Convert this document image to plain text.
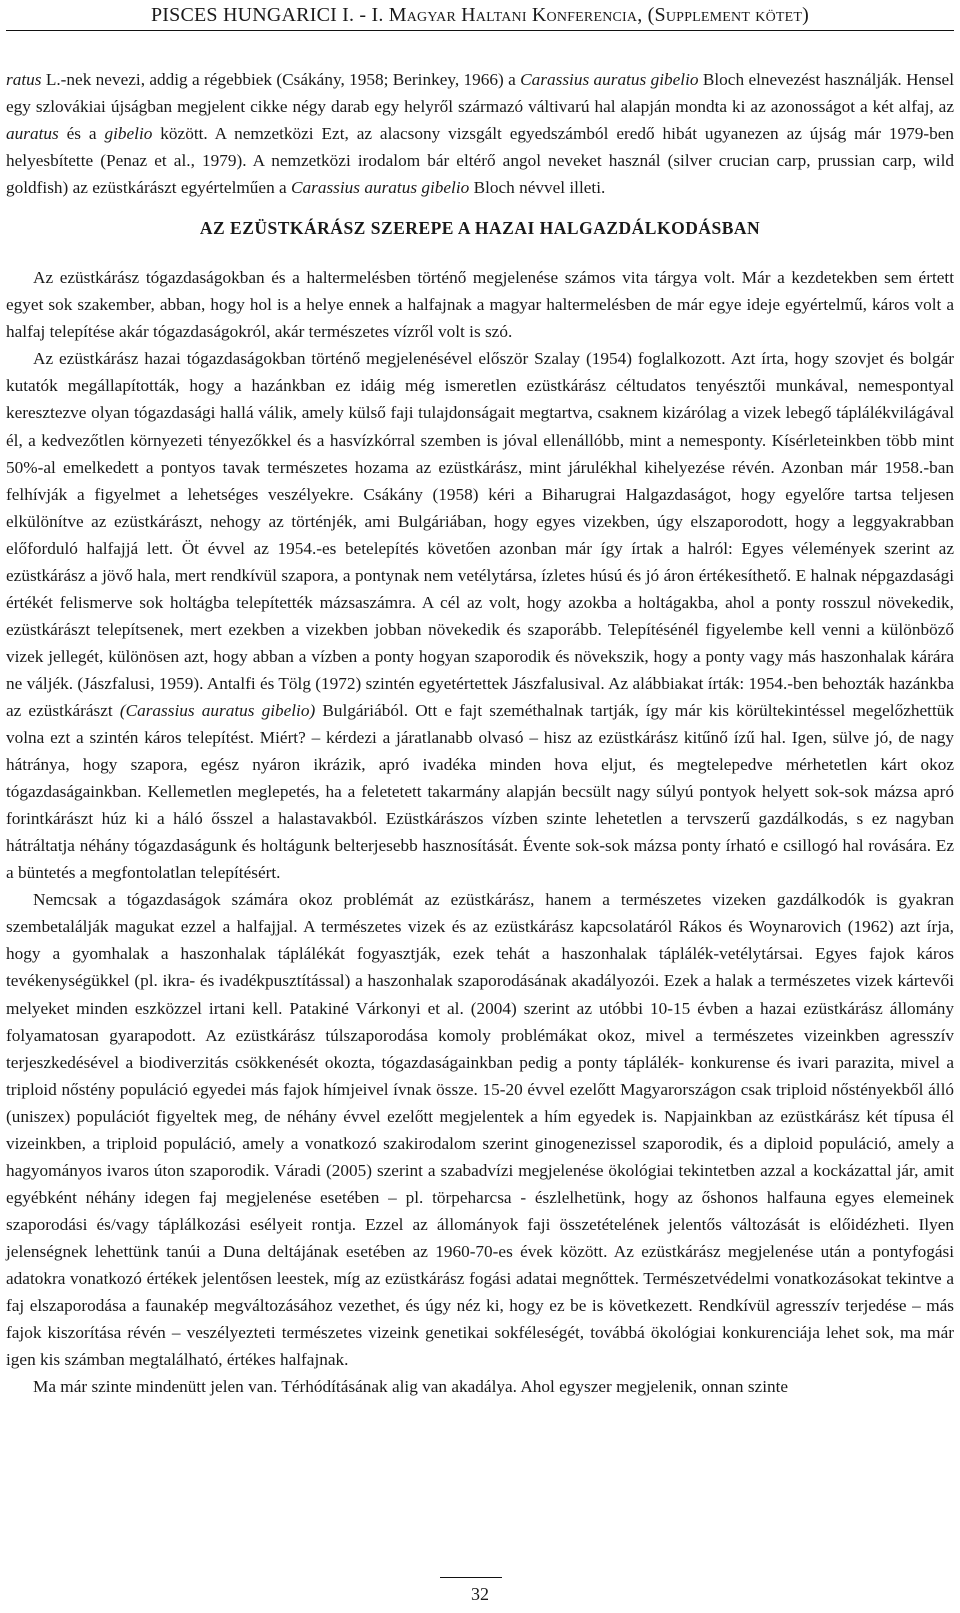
PISCES HUNGARICI I. - I. Magyar Haltani Konferencia, (Supplement kötet)

ratus L.-nek nevezi, addig a régebbiek (Csákány, 1958; Berinkey, 1966) a Carassius auratus gibelio Bloch elnevezést használják. Hensel egy szlovákiai újságban megjelent cikke négy darab egy helyről származó váltivarú hal alapján mondta ki az azonosságot a két alfaj, az auratus és a gibelio között. A nemzetközi Ezt, az alacsony vizsgált egyedszámból eredő hibát ugyanezen az újság már 1979-ben helyesbítette (Penaz et al., 1979). A nemzetközi irodalom bár eltérő angol neveket használ (silver crucian carp, prussian carp, wild goldfish) az ezüstkárászt egyértelműen a Carassius auratus gibelio Bloch névvel illeti.

AZ EZÜSTKÁRÁSZ SZEREPE A HAZAI HALGAZDÁLKODÁSBAN

Az ezüstkárász tógazdaságokban és a haltermelésben történő megjelenése számos vita tárgya volt. Már a kezdetekben sem értett egyet sok szakember, abban, hogy hol is a helye ennek a halfajnak a magyar haltermelésben de már egye ideje egyértelmű, káros volt a halfaj telepítése akár tógazdaságokról, akár természetes vízről volt is szó.

Az ezüstkárász hazai tógazdaságokban történő megjelenésével először Szalay (1954) foglalkozott. Azt írta, hogy szovjet és bolgár kutatók megállapították, hogy a hazánkban ez idáig még ismeretlen ezüstkárász céltudatos tenyésztői munkával, nemespontyal keresztezve olyan tógazdasági hallá válik, amely külső faji tulajdonságait megtartva, csaknem kizárólag a vizek lebegő táplálékvilágával él, a kedvezőtlen környezeti tényezőkkel és a hasvízkórral szemben is jóval ellenállóbb, mint a nemesponty. Kísérleteinkben több mint 50%-al emelkedett a pontyos tavak természetes hozama az ezüstkárász, mint járulékhal kihelyezése révén. Azonban már 1958.-ban felhívják a figyelmet a lehetséges veszélyekre. Csákány (1958) kéri a Biharugrai Halgazdaságot, hogy egyelőre tartsa teljesen elkülönítve az ezüstkárászt, nehogy az történjék, ami Bulgáriában, hogy egyes vizekben, úgy elszaporodott, hogy a leggyakrabban előforduló halfajjá lett. Öt évvel az 1954.-es betelepítés követően azonban már így írtak a halról: Egyes vélemények szerint az ezüstkárász a jövő hala, mert rendkívül szapora, a pontynak nem vetélytársa, ízletes húsú és jó áron értékesíthető. E halnak népgazdasági értékét felismerve sok holtágba telepítették mázsaszámra. A cél az volt, hogy azokba a holtágakba, ahol a ponty rosszul növekedik, ezüstkárászt telepítsenek, mert ezekben a vizekben jobban növekedik és szaporább. Telepítésénél figyelembe kell venni a különböző vizek jellegét, különösen azt, hogy abban a vízben a ponty hogyan szaporodik és növekszik, hogy a ponty vagy más haszonhalak kárára ne váljék. (Jászfalusi, 1959). Antalfi és Tölg (1972) szintén egyetértettek Jászfalusival. Az alábbiakat írták: 1954.-ben behozták hazánkba az ezüstkárászt (Carassius auratus gibelio) Bulgáriából. Ott e fajt szeméthalnak tartják, így már kis körültekintéssel megelőzhettük volna ezt a szintén káros telepítést. Miért? – kérdezi a járatlanabb olvasó – hisz az ezüstkárász kitűnő ízű hal. Igen, sülve jó, de nagy hátránya, hogy szapora, egész nyáron ikrázik, apró ivadéka minden hova eljut, és megtelepedve mérhetetlen kárt okoz tógazdaságainkban. Kellemetlen meglepetés, ha a feletetett takarmány alapján becsült nagy súlyú pontyok helyett sok-sok mázsa apró forintkárászt húz ki a háló ősszel a halastavakból. Ezüstkárászos vízben szinte lehetetlen a tervszerű gazdálkodás, s ez nagyban hátráltatja néhány tógazdaságunk és holtágunk belterjesebb hasznosítását. Évente sok-sok mázsa ponty írható e csillogó hal rovására. Ez a büntetés a megfontolatlan telepítésért.

Nemcsak a tógazdaságok számára okoz problémát az ezüstkárász, hanem a természetes vizeken gazdálkodók is gyakran szembetalálják magukat ezzel a halfajjal. A természetes vizek és az ezüstkárász kapcsolatáról Rákos és Woynarovich (1962) azt írja, hogy a gyomhalak a haszonhalak táplálékát fogyasztják, ezek tehát a haszonhalak táplálék-vetélytársai. Egyes fajok káros tevékenységükkel (pl. ikra- és ivadékpusztítással) a haszonhalak szaporodásának akadályozói. Ezek a halak a természetes vizek kártevői melyeket minden eszközzel irtani kell. Patakiné Várkonyi et al. (2004) szerint az utóbbi 10-15 évben a hazai ezüstkárász állomány folyamatosan gyarapodott. Az ezüstkárász túlszaporodása komoly problémákat okoz, mivel a természetes vizeinkben agresszív terjeszkedésével a biodiverzitás csökkenését okozta, tógazdaságainkban pedig a ponty táplálék- konkurense és ivari parazita, mivel a triploid nőstény populáció egyedei más fajok hímjeivel ívnak össze. 15-20 évvel ezelőtt Magyarországon csak triploid nőstényekből álló (uniszex) populációt figyeltek meg, de néhány évvel ezelőtt megjelentek a hím egyedek is. Napjainkban az ezüstkárász két típusa él vizeinkben, a triploid populáció, amely a vonatkozó szakirodalom szerint ginogenezissel szaporodik, és a diploid populáció, amely a hagyományos ivaros úton szaporodik. Váradi (2005) szerint a szabadvízi megjelenése ökológiai tekintetben azzal a kockázattal jár, amit egyébként néhány idegen faj megjelenése esetében – pl. törpeharcsa - észlelhetünk, hogy az őshonos halfauna egyes elemeinek szaporodási és/vagy táplálkozási esélyeit rontja. Ezzel az állományok faji összetételének jelentős változását is előidézheti. Ilyen jelenségnek lehettünk tanúi a Duna deltájának esetében az 1960-70-es évek között. Az ezüstkárász megjelenése után a pontyfogási adatokra vonatkozó értékek jelentősen leestek, míg az ezüstkárász fogási adatai megnőttek. Természetvédelmi vonatkozásokat tekintve a faj elszaporodása a faunakép megváltozásához vezethet, és úgy néz ki, hogy ez be is következett. Rendkívül agresszív terjedése – más fajok kiszorítása révén – veszélyezteti természetes vizeink genetikai sokféleségét, továbbá ökológiai konkurenciája lehet sok, ma már igen kis számban megtalálható, értékes halfajnak.

Ma már szinte mindenütt jelen van. Térhódításának alig van akadálya. Ahol egyszer megjelenik, onnan szinte

32
